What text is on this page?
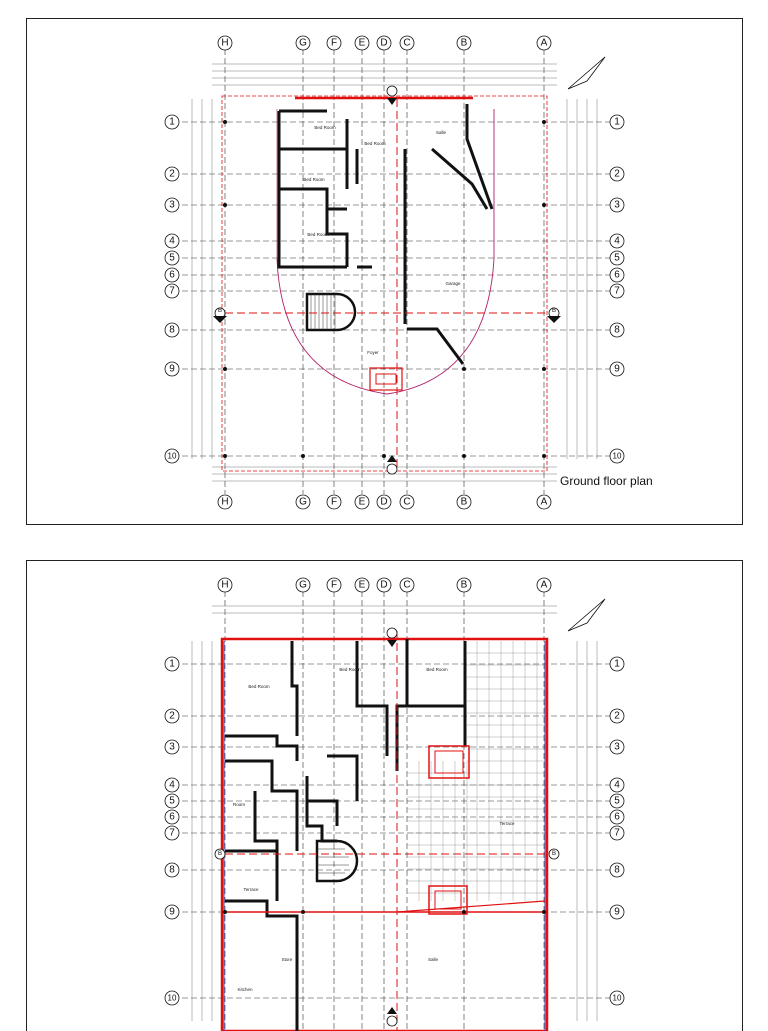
B	B
Bed Room
Bed Room
Bed Room
Bed Room
Salle
Garage
Foyer
H	G F E D C	B	A
H	G F E D C	B	A
1
2
3
4
5
6
7
8
9
10
1
2
3
4
5
6
7
8
9
10
Ground floor plan
B	B
Bed Room
Bed Room	Bed Room
Room
Terrace
Terrace
Kitchen
Store	Salle
H	G F E D C	B	A
1
2
3
4
5
6
7
8
9
10
1
2
3
4
5
6
7
8
9
10
